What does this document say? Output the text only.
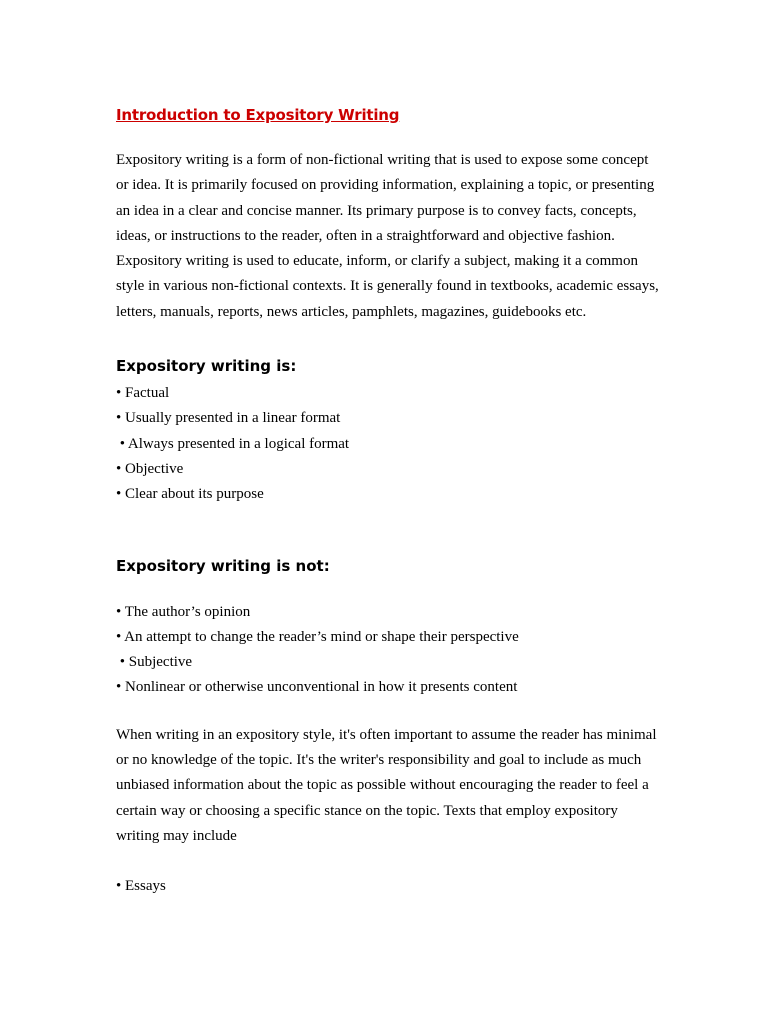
Introduction to Expository Writing

Expository writing is a form of non-fictional writing that is used to expose some concept or idea. It is primarily focused on providing information, explaining a topic, or presenting an idea in a clear and concise manner. Its primary purpose is to convey facts, concepts, ideas, or instructions to the reader, often in a straightforward and objective fashion. Expository writing is used to educate, inform, or clarify a subject, making it a common style in various non-fictional contexts. It is generally found in textbooks, academic essays, letters, manuals, reports, news articles, pamphlets, magazines, guidebooks etc.

Expository writing is:
• Factual
• Usually presented in a linear format
• Always presented in a logical format
• Objective
• Clear about its purpose
Expository writing is not:
• The author’s opinion
• An attempt to change the reader’s mind or shape their perspective
• Subjective
• Nonlinear or otherwise unconventional in how it presents content

When writing in an expository style, it's often important to assume the reader has minimal or no knowledge of the topic. It's the writer's responsibility and goal to include as much unbiased information about the topic as possible without encouraging the reader to feel a certain way or choosing a specific stance on the topic. Texts that employ expository writing may include

• Essays
